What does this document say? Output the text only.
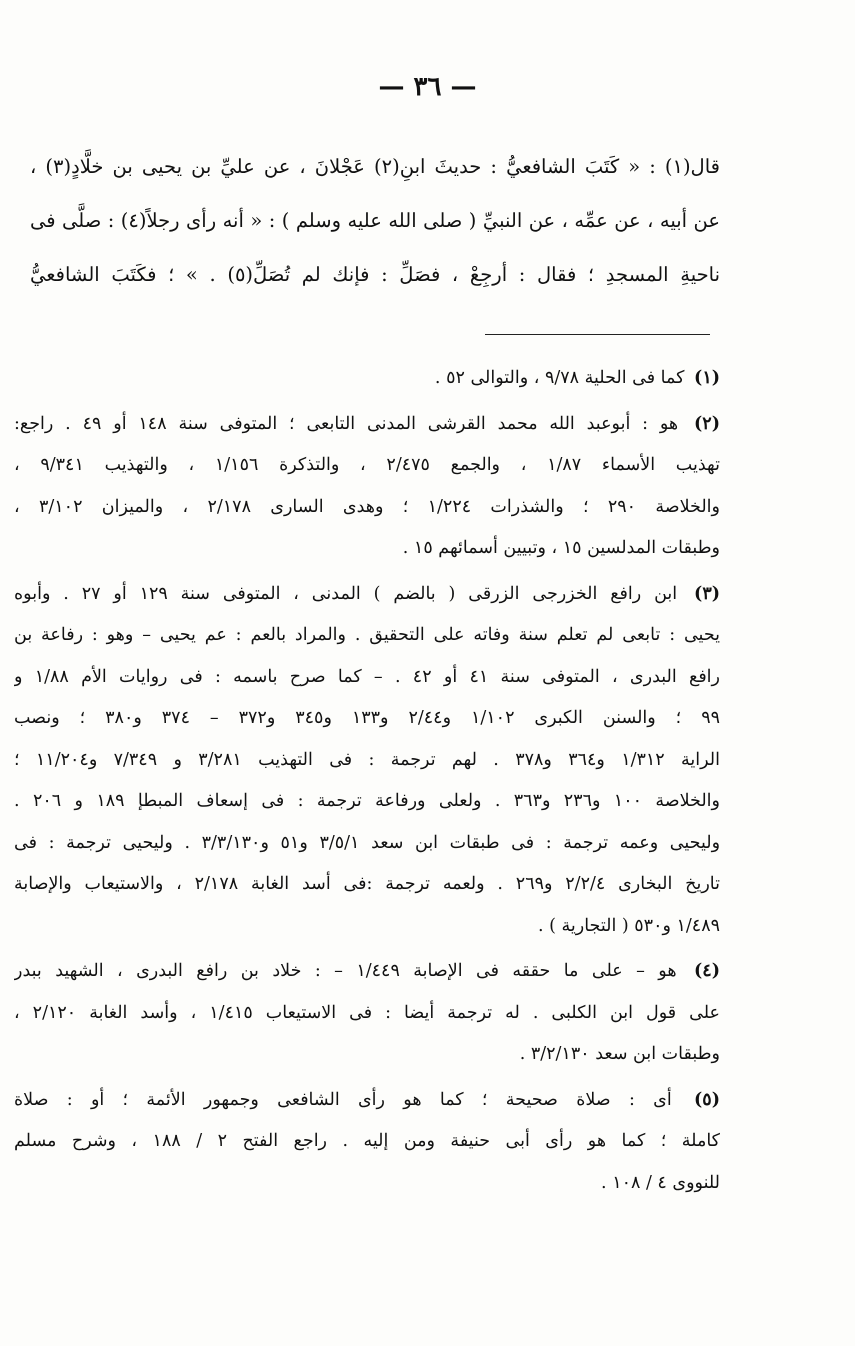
— ٣٦ —
قال(١) : « كَتَبَ الشافعيُّ : حديثَ ابنِ(٢) عَجْلانَ ، عن عليِّ بن يحيى بن خلَّادٍ(٣) ،
عن أبيه ، عن عمِّه ، عن النبيِّ ( صلى الله عليه وسلم ) : « أنه رأى رجلاً(٤) : صلَّى فى
ناحيةِ المسجدِ ؛ فقال : أرجِعْ ، فصَلِّ : فإنك لم تُصَلِّ(٥) . » ؛ فكَتَبَ الشافعيُّ
(١) كما فى الحلية ٩/٧٨ ، والتوالى ٥٢ .
(٢) هو : أبوعبد الله محمد القرشى المدنى التابعى ؛ المتوفى سنة ١٤٨ أو ٤٩ . راجع:
تهذيب الأسماء ١/٨٧ ، والجمع ٢/٤٧٥ ، والتذكرة ١/١٥٦ ، والتهذيب ٩/٣٤١ ،
والخلاصة ٢٩٠ ؛ والشذرات ١/٢٢٤ ؛ وهدى السارى ٢/١٧٨ ، والميزان ٣/١٠٢ ،
وطبقات المدلسين ١٥ ، وتبيين أسمائهم ١٥ .
(٣) ابن رافع الخزرجى الزرقى ( بالضم ) المدنى ، المتوفى سنة ١٢٩ أو ٢٧ . وأبوه
يحيى : تابعى لم تعلم سنة وفاته على التحقيق . والمراد بالعم : عم يحيى – وهو : رفاعة بن
رافع البدرى ، المتوفى سنة ٤١ أو ٤٢ . – كما صرح باسمه : فى روايات الأم ١/٨٨ و
٩٩ ؛ والسنن الكبرى ١/١٠٢ و٢/٤٤ و١٣٣ و٣٤٥ و٣٧٢ – ٣٧٤ و٣٨٠ ؛ ونصب
الراية ١/٣١٢ و٣٦٤ و٣٧٨ . لهم ترجمة : فى التهذيب ٣/٢٨١ و ٧/٣٤٩ و١١/٢٠٤ ؛
والخلاصة ١٠٠ و٢٣٦ و٣٦٣ . ولعلى ورفاعة ترجمة : فى إسعاف المبطإ ١٨٩ و ٢٠٦ .
وليحيى وعمه ترجمة : فى طبقات ابن سعد ٣/٥/١ و٥١ و٣/٣/١٣٠ . وليحيى ترجمة : فى
تاريخ البخارى ٢/٢/٤ و٢٦٩ . ولعمه ترجمة :فى أسد الغابة ٢/١٧٨ ، والاستيعاب والإصابة
١/٤٨٩ و٥٣٠ ( التجارية ) .
(٤) هو – على ما حققه فى الإصابة ١/٤٤٩ – : خلاد بن رافع البدرى ، الشهيد ببدر
على قول ابن الكلبى . له ترجمة أيضا : فى الاستيعاب ١/٤١٥ ، وأسد الغابة ٢/١٢٠ ،
وطبقات ابن سعد ٣/٢/١٣٠ .
(٥) أى : صلاة صحيحة ؛ كما هو رأى الشافعى وجمهور الأئمة ؛ أو : صلاة
كاملة ؛ كما هو رأى أبى حنيفة ومن إليه . راجع الفتح ٢ / ١٨٨ ، وشرح مسلم
للنووى ٤ / ١٠٨ .
